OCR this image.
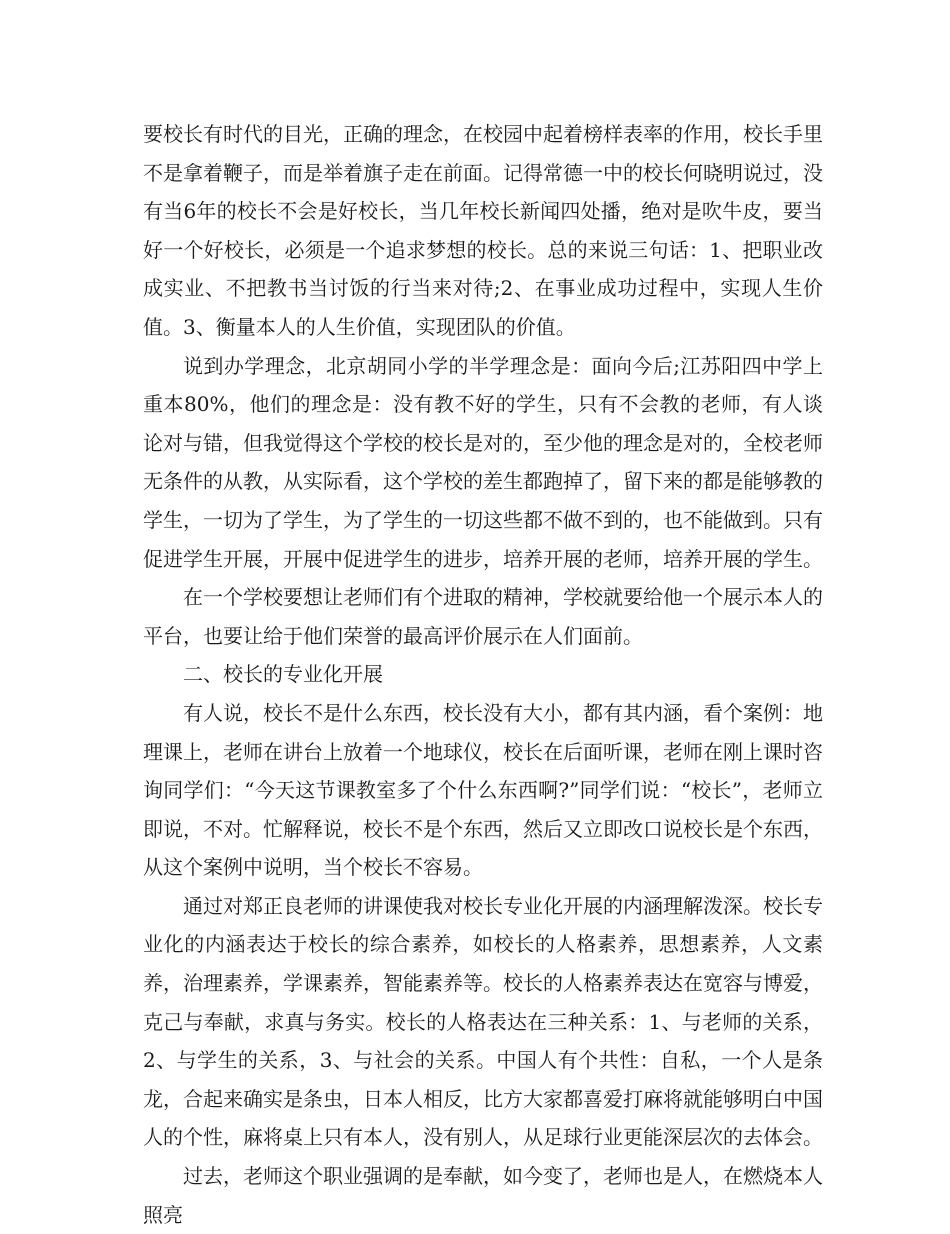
要校长有时代的目光，正确的理念，在校园中起着榜样表率的作用，校长手里不是拿着鞭子，而是举着旗子走在前面。记得常德一中的校长何晓明说过，没有当6年的校长不会是好校长，当几年校长新闻四处播，绝对是吹牛皮，要当好一个好校长，必须是一个追求梦想的校长。总的来说三句话：1、把职业改成实业、不把教书当讨饭的行当来对待;2、在事业成功过程中，实现人生价值。3、衡量本人的人生价值，实现团队的价值。

说到办学理念，北京胡同小学的半学理念是：面向今后;江苏阳四中学上重本80%，他们的理念是：没有教不好的学生，只有不会教的老师，有人谈论对与错，但我觉得这个学校的校长是对的，至少他的理念是对的，全校老师无条件的从教，从实际看，这个学校的差生都跑掉了，留下来的都是能够教的学生，一切为了学生，为了学生的一切这些都不做不到的，也不能做到。只有促进学生开展，开展中促进学生的进步，培养开展的老师，培养开展的学生。

在一个学校要想让老师们有个进取的精神，学校就要给他一个展示本人的平台，也要让给于他们荣誉的最高评价展示在人们面前。

二、校长的专业化开展

有人说，校长不是什么东西，校长没有大小，都有其内涵，看个案例：地理课上，老师在讲台上放着一个地球仪，校长在后面听课，老师在刚上课时咨询同学们：“今天这节课教室多了个什么东西啊?”同学们说：“校长”，老师立即说，不对。忙解释说，校长不是个东西，然后又立即改口说校长是个东西，从这个案例中说明，当个校长不容易。

通过对郑正良老师的讲课使我对校长专业化开展的内涵理解泼深。校长专业化的内涵表达于校长的综合素养，如校长的人格素养，思想素养，人文素养，治理素养，学课素养，智能素养等。校长的人格素养表达在宽容与博爱，克己与奉献，求真与务实。校长的人格表达在三种关系：1、与老师的关系，2、与学生的关系，3、与社会的关系。中国人有个共性：自私，一个人是条龙，合起来确实是条虫，日本人相反，比方大家都喜爱打麻将就能够明白中国人的个性，麻将桌上只有本人，没有别人，从足球行业更能深层次的去体会。

过去，老师这个职业强调的是奉献，如今变了，老师也是人，在燃烧本人照亮
